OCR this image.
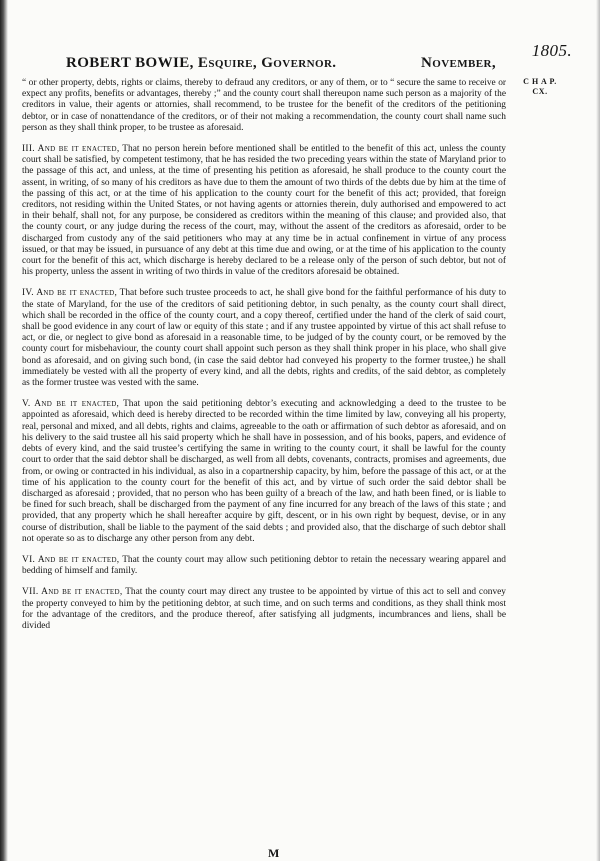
ROBERT BOWIE, Esquire, Governor.	November,
1805.
C H A P.
CX.

“ or other property, debts, rights or claims, thereby to defraud any creditors, or any of them, or to “ secure the same to receive or expect any profits, benefits or advantages, thereby ;” and the county court shall thereupon name such person as a majority of the creditors in value, their agents or attornies, shall recommend, to be trustee for the benefit of the creditors of the petitioning debtor, or in case of nonattendance of the creditors, or of their not making a recommendation, the county court shall name such person as they shall think proper, to be trustee as aforesaid.

III. And be it enacted, That no person herein before mentioned shall be entitled to the benefit of this act, unless the county court shall be satisfied, by competent testimony, that he has resided the two preceding years within the state of Maryland prior to the passage of this act, and unless, at the time of presenting his petition as aforesaid, he shall produce to the county court the assent, in writing, of so many of his creditors as have due to them the amount of two thirds of the debts due by him at the time of the passing of this act, or at the time of his application to the county court for the benefit of this act; provided, that foreign creditors, not residing within the United States, or not having agents or attornies therein, duly authorised and empowered to act in their behalf, shall not, for any purpose, be considered as creditors within the meaning of this clause; and provided also, that the county court, or any judge during the recess of the court, may, without the assent of the creditors as aforesaid, order to be discharged from custody any of the said petitioners who may at any time be in actual confinement in virtue of any process issued, or that may be issued, in pursuance of any debt at this time due and owing, or at the time of his application to the county court for the benefit of this act, which discharge is hereby declared to be a release only of the person of such debtor, but not of his property, unless the assent in writing of two thirds in value of the creditors aforesaid be obtained.

IV. And be it enacted, That before such trustee proceeds to act, he shall give bond for the faithful performance of his duty to the state of Maryland, for the use of the creditors of said petitioning debtor, in such penalty, as the county court shall direct, which shall be recorded in the office of the county court, and a copy thereof, certified under the hand of the clerk of said court, shall be good evidence in any court of law or equity of this state ; and if any trustee appointed by virtue of this act shall refuse to act, or die, or neglect to give bond as aforesaid in a reasonable time, to be judged of by the county court, or be removed by the county court for misbehaviour, the county court shall appoint such person as they shall think proper in his place, who shall give bond as aforesaid, and on giving such bond, (in case the said debtor had conveyed his property to the former trustee,) he shall immediately be vested with all the property of every kind, and all the debts, rights and credits, of the said debtor, as completely as the former trustee was vested with the same.

V. And be it enacted, That upon the said petitioning debtor’s executing and acknowledging a deed to the trustee to be appointed as aforesaid, which deed is hereby directed to be recorded within the time limited by law, conveying all his property, real, personal and mixed, and all debts, rights and claims, agreeable to the oath or affirmation of such debtor as aforesaid, and on his delivery to the said trustee all his said property which he shall have in possession, and of his books, papers, and evidence of debts of every kind, and the said trustee’s certifying the same in writing to the county court, it shall be lawful for the county court to order that the said debtor shall be discharged, as well from all debts, covenants, contracts, promises and agreements, due from, or owing or contracted in his individual, as also in a copartnership capacity, by him, before the passage of this act, or at the time of his application to the county court for the benefit of this act, and by virtue of such order the said debtor shall be discharged as aforesaid ; provided, that no person who has been guilty of a breach of the law, and hath been fined, or is liable to be fined for such breach, shall be discharged from the payment of any fine incurred for any breach of the laws of this state ; and provided, that any property which he shall hereafter acquire by gift, descent, or in his own right by bequest, devise, or in any course of distribution, shall be liable to the payment of the said debts ; and provided also, that the discharge of such debtor shall not operate so as to discharge any other person from any debt.

VI. And be it enacted, That the county court may allow such petitioning debtor to retain the necessary wearing apparel and bedding of himself and family.

VII. And be it enacted, That the county court may direct any trustee to be appointed by virtue of this act to sell and convey the property conveyed to him by the petitioning debtor, at such time, and on such terms and conditions, as they shall think most for the advantage of the creditors, and the produce thereof, after satisfying all judgments, incumbrances and liens, shall be divided

M
